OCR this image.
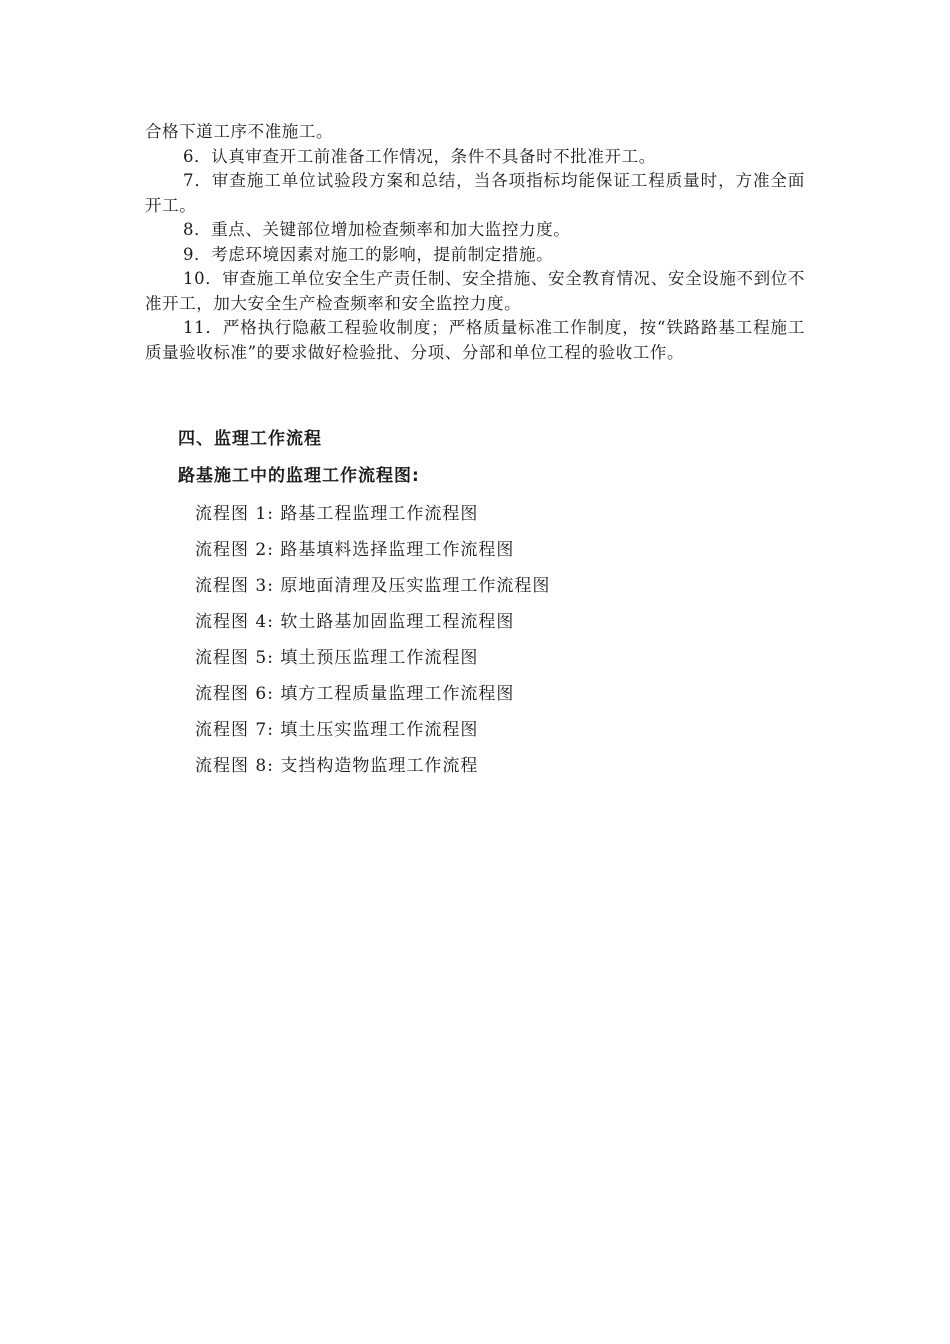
合格下道工序不准施工。

6．认真审查开工前准备工作情况，条件不具备时不批准开工。

7．审查施工单位试验段方案和总结，当各项指标均能保证工程质量时，方准全面开工。

8．重点、关键部位增加检查频率和加大监控力度。

9．考虑环境因素对施工的影响，提前制定措施。

10．审查施工单位安全生产责任制、安全措施、安全教育情况、安全设施不到位不准开工，加大安全生产检查频率和安全监控力度。

11．严格执行隐蔽工程验收制度；严格质量标准工作制度，按“铁路路基工程施工质量验收标准”的要求做好检验批、分项、分部和单位工程的验收工作。

四、监理工作流程
路基施工中的监理工作流程图:
流程图 1: 路基工程监理工作流程图
流程图 2: 路基填料选择监理工作流程图
流程图 3: 原地面清理及压实监理工作流程图
流程图 4: 软土路基加固监理工程流程图
流程图 5: 填土预压监理工作流程图
流程图 6: 填方工程质量监理工作流程图
流程图 7: 填土压实监理工作流程图
流程图 8: 支挡构造物监理工作流程
